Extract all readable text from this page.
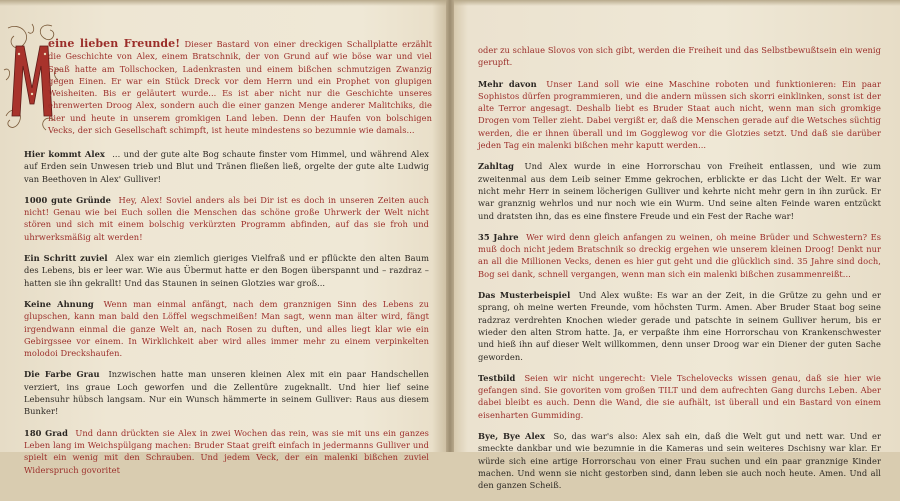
eine lieben Freunde! Dieser Bastard von einer dreckigen Schallplatte erzählt die Geschichte von Alex, einem Bratschnik, der von Grund auf wie böse war und viel Spaß hatte am Tollschocken, Ladenkrasten und einem bißchen schmutzigen Zwanzig gegen Einen. Er war ein Stück Dreck vor dem Herrn und ein Prophet von glupigen Weisheiten. Bis er geläutert wurde... Es ist aber nicht nur die Geschichte unseres ehrenwerten Droog Alex, sondern auch die einer ganzen Menge anderer Malitchiks, die hier und heute in unserem gromkigen Land leben. Denn der Haufen von bolschigen Vecks, der sich Gesellschaft schimpft, ist heute mindestens so bezumnie wie damals...

Hier kommt Alex ... und der gute alte Bog schaute finster vom Himmel, und während Alex auf Erden sein Unwesen trieb und Blut und Tränen fließen ließ, orgelte der gute alte Ludwig van Beethoven in Alex' Gulliver!

1000 gute Gründe Hey, Alex! Soviel anders als bei Dir ist es doch in unseren Zeiten auch nicht! Genau wie bei Euch sollen die Menschen das schöne große Uhrwerk der Welt nicht stören und sich mit einem bolschig verkürzten Programm abfinden, auf das sie froh und uhrwerksmäßig alt werden!

Ein Schritt zuviel Alex war ein ziemlich gieriges Vielfraß und er pflückte den alten Baum des Lebens, bis er leer war. Wie aus Übermut hatte er den Bogen überspannt und – razdraz – hatten sie ihn gekrallt! Und das Staunen in seinen Glotzies war groß...

Keine Ahnung Wenn man einmal anfängt, nach dem granznigen Sinn des Lebens zu glupschen, kann man bald den Löffel wegschmeißen! Man sagt, wenn man älter wird, fängt irgendwann einmal die ganze Welt an, nach Rosen zu duften, und alles liegt klar wie ein Gebirgssee vor einem. In Wirklichkeit aber wird alles immer mehr zu einem verpinkelten molodoi Dreckshaufen.

Die Farbe Grau Inzwischen hatte man unseren kleinen Alex mit ein paar Handschellen verziert, ins graue Loch geworfen und die Zellentüre zugeknallt. Und hier lief seine Lebensuhr hübsch langsam. Nur ein Wunsch hämmerte in seinem Gulliver: Raus aus diesem Bunker!

180 Grad Und dann drückten sie Alex in zwei Wochen das rein, was sie mit uns ein ganzes Leben lang im Weichspülgang machen: Bruder Staat greift einfach in jedermanns Gulliver und spielt ein wenig mit den Schrauben. Und jedem Veck, der ein malenki bißchen zuviel Widerspruch govoritet

oder zu schlaue Slovos von sich gibt, werden die Freiheit und das Selbstbewußtsein ein wenig gerupft.

Mehr davon Unser Land soll wie eine Maschine roboten und funktionieren: Ein paar Sophistos dürfen programmieren, und die andern müssen sich skorri einklinken, sonst ist der alte Terror angesagt. Deshalb liebt es Bruder Staat auch nicht, wenn man sich gromkige Drogen vom Teller zieht. Dabei vergißt er, daß die Menschen gerade auf die Wetsches süchtig werden, die er ihnen überall und im Gogglewog vor die Glotzies setzt. Und daß sie darüber jeden Tag ein malenki bißchen mehr kaputt werden...

Zahltag Und Alex wurde in eine Horrorschau von Freiheit entlassen, und wie zum zweitenmal aus dem Leib seiner Emme gekrochen, erblickte er das Licht der Welt. Er war nicht mehr Herr in seinem löcherigen Gulliver und kehrte nicht mehr gern in ihn zurück. Er war granznig wehrlos und nur noch wie ein Wurm. Und seine alten Feinde waren entzückt und dratsten ihn, das es eine finstere Freude und ein Fest der Rache war!

35 Jahre Wer wird denn gleich anfangen zu weinen, oh meine Brüder und Schwestern? Es muß doch nicht jedem Bratschnik so dreckig ergehen wie unserem kleinen Droog! Denkt nur an all die Millionen Vecks, denen es hier gut geht und die glücklich sind. 35 Jahre sind doch, Bog sei dank, schnell vergangen, wenn man sich ein malenki bißchen zusammenreißt...

Das Musterbeispiel Und Alex wußte: Es war an der Zeit, in die Grütze zu gehn und er sprang, oh meine werten Freunde, vom höchsten Turm. Amen. Aber Bruder Staat bog seine radzraz verdrehten Knochen wieder gerade und patschte in seinem Gulliver herum, bis er wieder den alten Strom hatte. Ja, er verpaßte ihm eine Horrorschau von Krankenschwester und hieß ihn auf dieser Welt willkommen, denn unser Droog war ein Diener der guten Sache geworden.

Testbild Seien wir nicht ungerecht: Viele Tschelovecks wissen genau, daß sie hier wie gefangen sind. Sie govoriten vom großen TILT und dem aufrechten Gang durchs Leben. Aber dabei bleibt es auch. Denn die Wand, die sie aufhält, ist überall und ein Bastard von einem eisenharten Gummiding.

Bye, Bye Alex So, das war's also: Alex sah ein, daß die Welt gut und nett war. Und er smeckte dankbar und wie bezumnie in die Kameras und sein weiteres Dschisny war klar. Er würde sich eine artige Horrorschau von einer Frau suchen und ein paar granznige Kinder machen. Und wenn sie nicht gestorben sind, dann leben sie auch noch heute. Amen. Und all den ganzen Scheiß.
